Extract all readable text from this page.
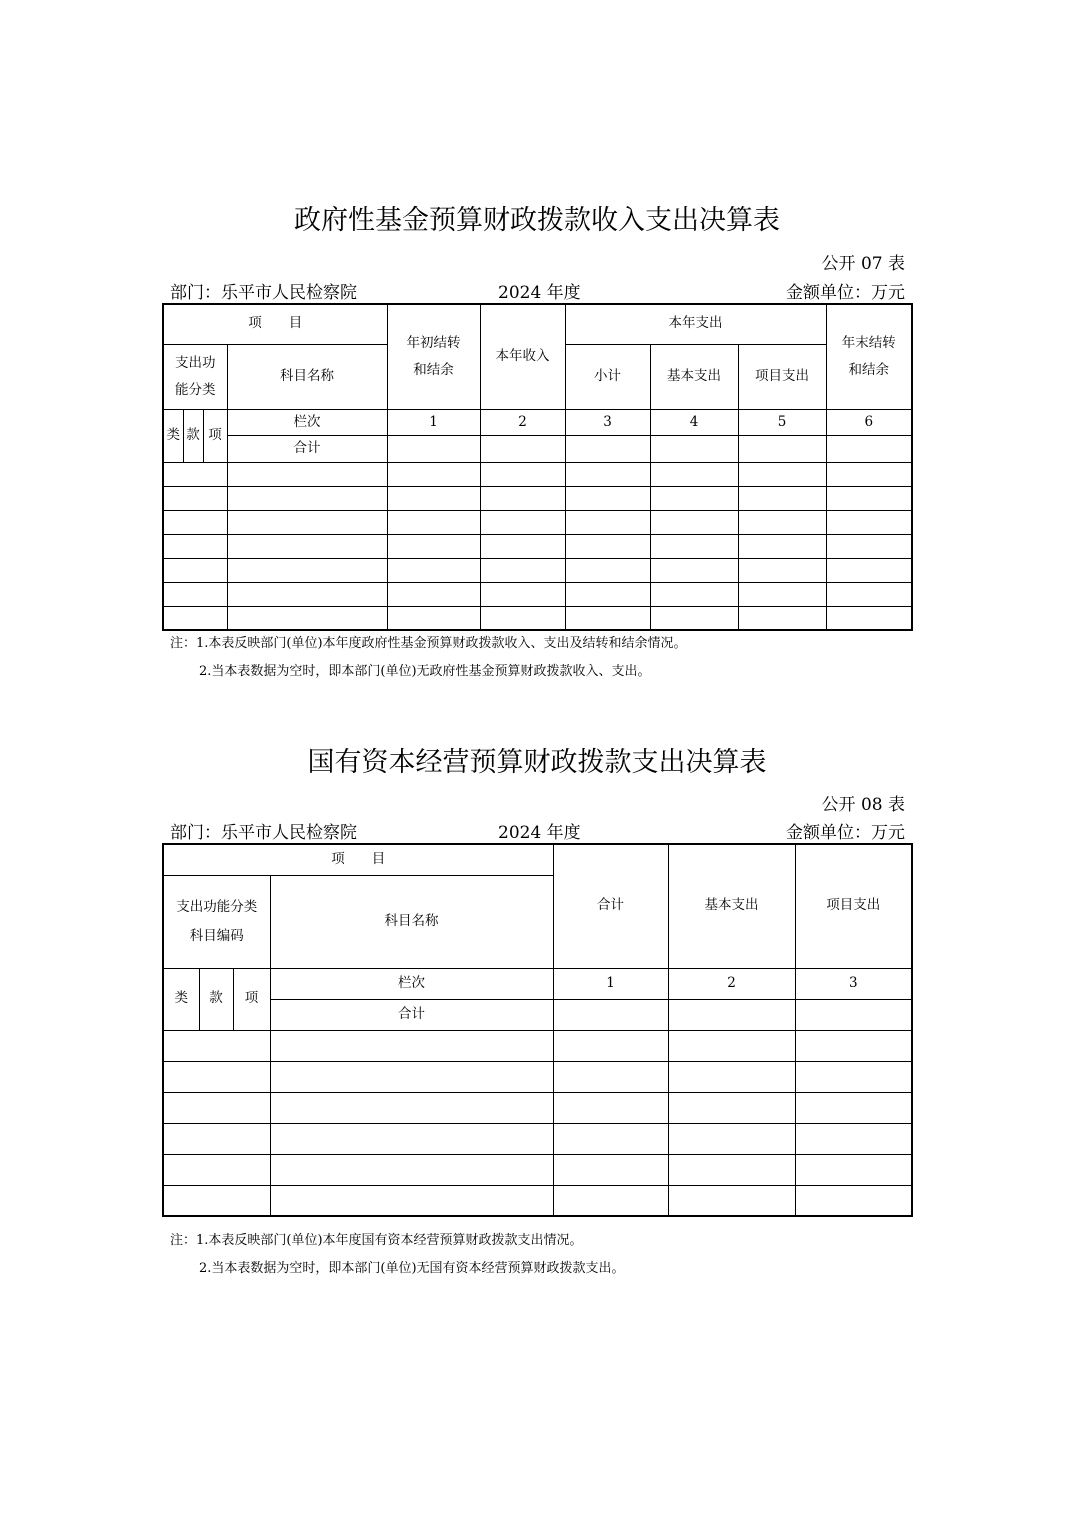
政府性基金预算财政拨款收入支出决算表
公开 07 表
部门：乐平市人民检察院	2024 年度	金额单位：万元
项　　目				年初结转和结余	本年收入	本年支出			年末结转和结余

支出功能分类			科目名称			小计	基本支出	项目支出	
类	款	项	栏次	1	2	3	4	5	6
			合计						

注：1.本表反映部门(单位)本年度政府性基金预算财政拨款收入、支出及结转和结余情况。
2.当本表数据为空时，即本部门(单位)无政府性基金预算财政拨款收入、支出。
国有资本经营预算财政拨款支出决算表
公开 08 表
部门：乐平市人民检察院	2024 年度	金额单位：万元
项　　目				合计	基本支出	项目支出

支出功能分类科目编码			科目名称			
类	款	项	栏次	1	2	3
			合计			

注：1.本表反映部门(单位)本年度国有资本经营预算财政拨款支出情况。
2.当本表数据为空时，即本部门(单位)无国有资本经营预算财政拨款支出。
